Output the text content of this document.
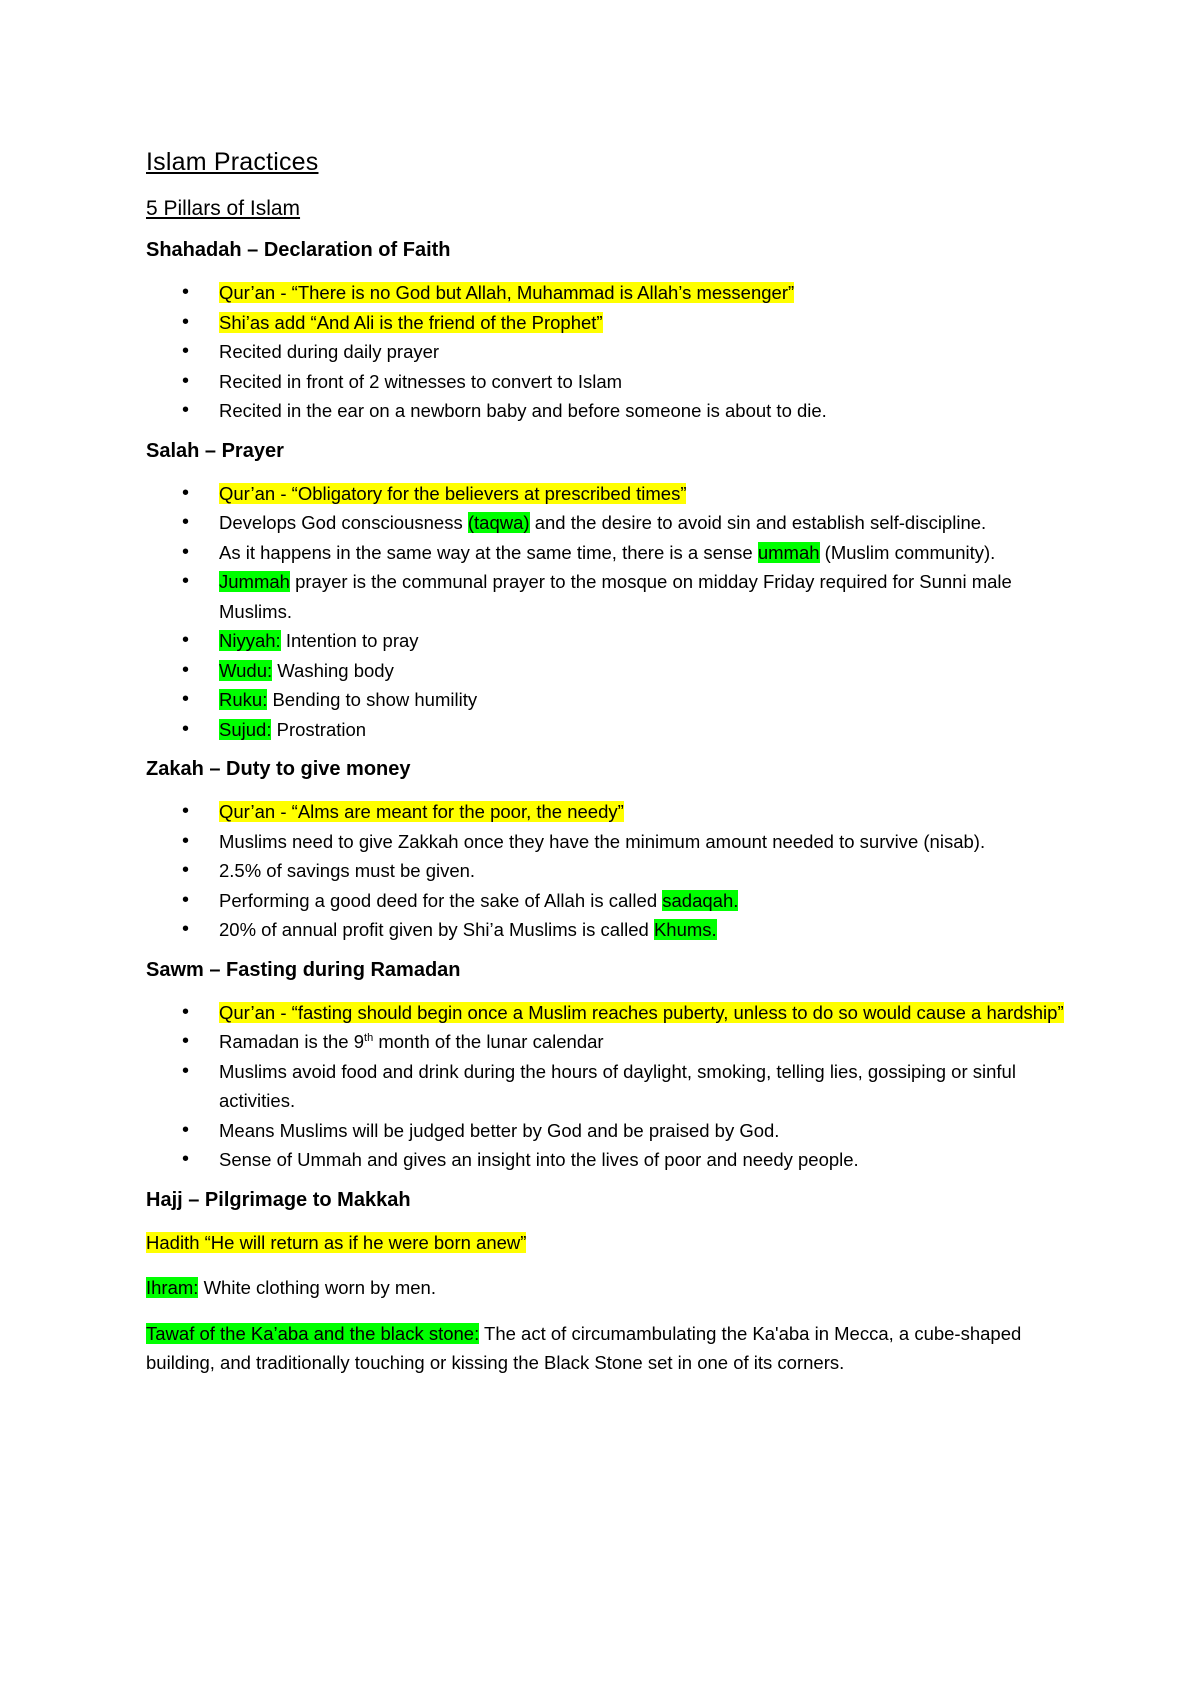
Islam Practices
5 Pillars of Islam
Shahadah – Declaration of Faith
• Qur’an - “There is no God but Allah, Muhammad is Allah’s messenger”
• Shi’as add “And Ali is the friend of the Prophet”
• Recited during daily prayer
• Recited in front of 2 witnesses to convert to Islam
• Recited in the ear on a newborn baby and before someone is about to die.
Salah – Prayer
• Qur’an - “Obligatory for the believers at prescribed times”
• Develops God consciousness (taqwa) and the desire to avoid sin and establish self-discipline.
• As it happens in the same way at the same time, there is a sense ummah (Muslim community).
• Jummah prayer is the communal prayer to the mosque on midday Friday required for Sunni male Muslims.
• Niyyah: Intention to pray
• Wudu: Washing body
• Ruku: Bending to show humility
• Sujud: Prostration
Zakah – Duty to give money
• Qur’an - “Alms are meant for the poor, the needy”
• Muslims need to give Zakkah once they have the minimum amount needed to survive (nisab).
• 2.5% of savings must be given.
• Performing a good deed for the sake of Allah is called sadaqah.
• 20% of annual profit given by Shi’a Muslims is called Khums.
Sawm – Fasting during Ramadan
• Qur’an - “fasting should begin once a Muslim reaches puberty, unless to do so would cause a hardship”
• Ramadan is the 9th month of the lunar calendar
• Muslims avoid food and drink during the hours of daylight, smoking, telling lies, gossiping or sinful activities.
• Means Muslims will be judged better by God and be praised by God.
• Sense of Ummah and gives an insight into the lives of poor and needy people.
Hajj – Pilgrimage to Makkah
Hadith “He will return as if he were born anew”
Ihram: White clothing worn by men.
Tawaf of the Ka’aba and the black stone: The act of circumambulating the Ka'aba in Mecca, a cube-shaped building, and traditionally touching or kissing the Black Stone set in one of its corners.
